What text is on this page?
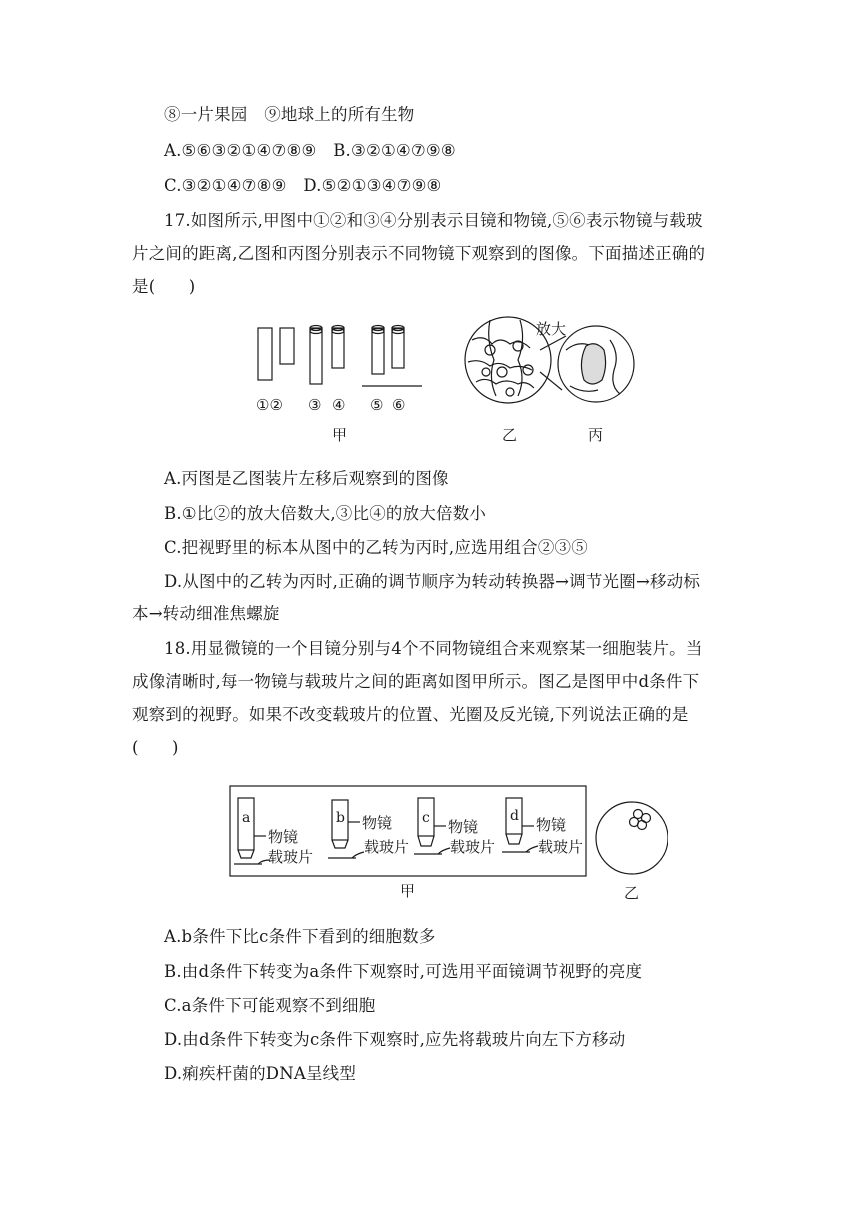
⑧一片果园　⑨地球上的所有生物
A.⑤⑥③②①④⑦⑧⑨　B.③②①④⑦⑨⑧
C.③②①④⑦⑧⑨　D.⑤②①③④⑦⑨⑧
17.如图所示,甲图中①②和③④分别表示目镜和物镜,⑤⑥表示物镜与载玻
片之间的距离,乙图和丙图分别表示不同物镜下观察到的图像。下面描述正确的
是(　　)
放大
①② ③ ④ ⑤ ⑥
甲	乙	丙
A.丙图是乙图装片左移后观察到的图像
B.①比②的放大倍数大,③比④的放大倍数小
C.把视野里的标本从图中的乙转为丙时,应选用组合②③⑤
D.从图中的乙转为丙时,正确的调节顺序为转动转换器→调节光圈→移动标
本→转动细准焦螺旋
18.用显微镜的一个目镜分别与4个不同物镜组合来观察某一细胞装片。当
成像清晰时,每一物镜与载玻片之间的距离如图甲所示。图乙是图甲中d条件下
观察到的视野。如果不改变载玻片的位置、光圈及反光镜,下列说法正确的是
(　　)
a	b	c	d
物镜
载玻片
物镜
载玻片
物镜
载玻片
物镜
载玻片
甲	乙
A.b条件下比c条件下看到的细胞数多
B.由d条件下转变为a条件下观察时,可选用平面镜调节视野的亮度
C.a条件下可能观察不到细胞
D.由d条件下转变为c条件下观察时,应先将载玻片向左下方移动
D.痢疾杆菌的DNA呈线型
